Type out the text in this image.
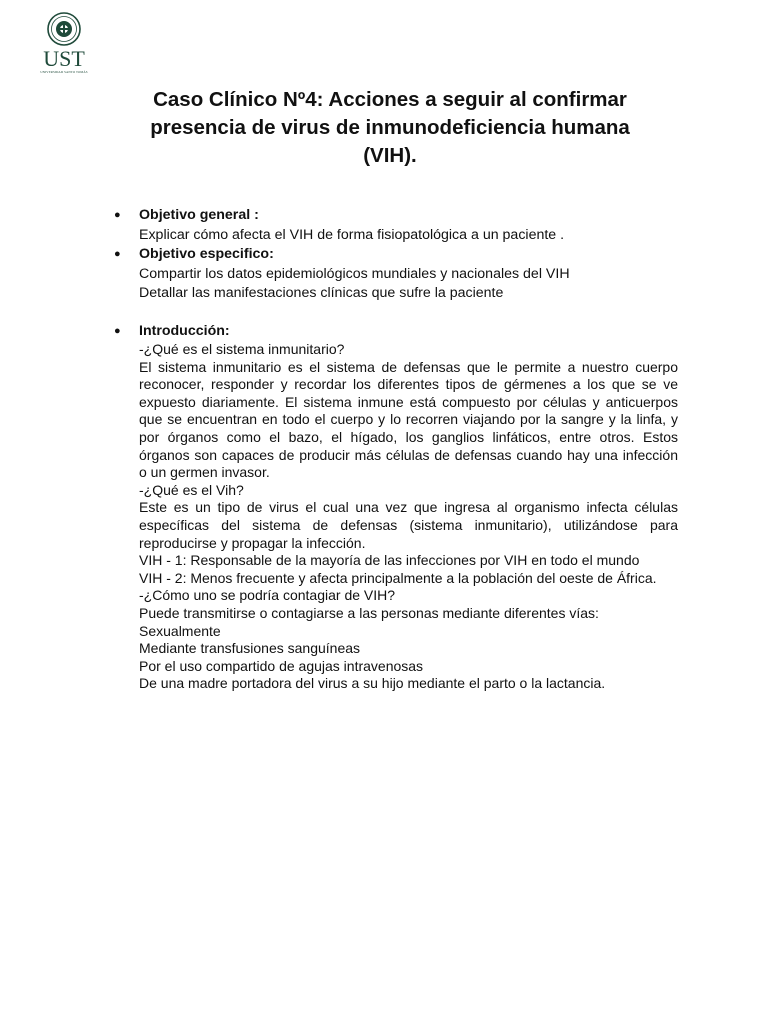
UST
UNIVERSIDAD SANTO TOMÁS
Caso Clínico Nº4: Acciones a seguir al confirmar
presencia de virus de inmunodeficiencia humana
(VIH).
● Objetivo general :
Explicar cómo afecta el VIH de forma fisiopatológica a un paciente .
● Objetivo especifico:
Compartir los datos epidemiológicos mundiales y nacionales del VIH
Detallar las manifestaciones clínicas que sufre la paciente
● Introducción:
-¿Qué es el sistema inmunitario?
El sistema inmunitario es el sistema de defensas que le permite a nuestro cuerpo reconocer, responder y recordar los diferentes tipos de gérmenes a los que se ve expuesto diariamente. El sistema inmune está compuesto por células y anticuerpos que se encuentran en todo el cuerpo y lo recorren viajando por la sangre y la linfa, y por órganos como el bazo, el hígado, los ganglios linfáticos, entre otros. Estos órganos son capaces de producir más células de defensas cuando hay una infección o un germen invasor.
-¿Qué es el Vih?
Este es un tipo de virus el cual una vez que ingresa al organismo infecta células específicas del sistema de defensas (sistema inmunitario), utilizándose para reproducirse y propagar la infección.
VIH - 1: Responsable de la mayoría de las infecciones por VIH en todo el mundo
VIH - 2: Menos frecuente y afecta principalmente a la población del oeste de África.
-¿Cómo uno se podría contagiar de VIH?
Puede transmitirse o contagiarse a las personas mediante diferentes vías:
Sexualmente
Mediante transfusiones sanguíneas
Por el uso compartido de agujas intravenosas
De una madre portadora del virus a su hijo mediante el parto o la lactancia.
